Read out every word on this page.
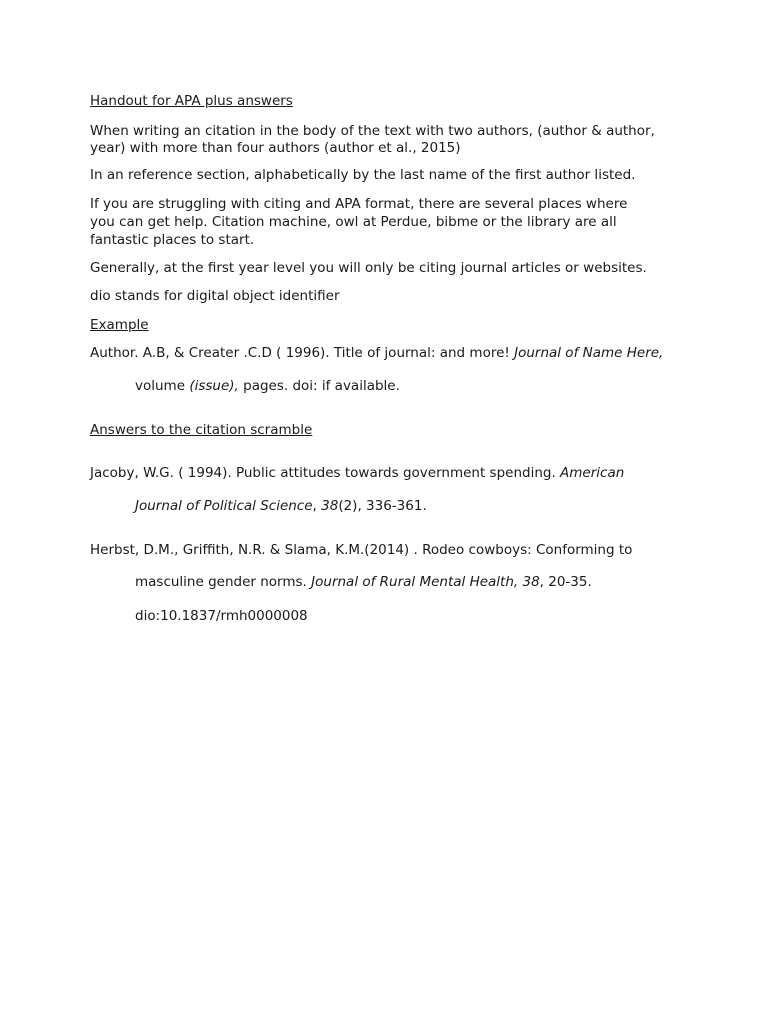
Handout for APA plus answers
When writing an citation in the body of the text with two authors, (author & author,
year) with more than four authors (author et al., 2015)
In an reference section, alphabetically by the last name of the first author listed.
If you are struggling with citing and APA format, there are several places where
you can get help. Citation machine, owl at Perdue, bibme or the library are all
fantastic places to start.
Generally, at the first year level you will only be citing journal articles or websites.
dio stands for digital object identifier
Example
Author. A.B, & Creater .C.D ( 1996). Title of journal: and more! Journal of Name Here,
volume (issue), pages. doi: if available.
Answers to the citation scramble
Jacoby, W.G. ( 1994). Public attitudes towards government spending. American
Journal of Political Science, 38(2), 336-361.
Herbst, D.M., Griffith, N.R. & Slama, K.M.(2014) . Rodeo cowboys: Conforming to
masculine gender norms. Journal of Rural Mental Health, 38, 20-35.
dio:10.1837/rmh0000008
